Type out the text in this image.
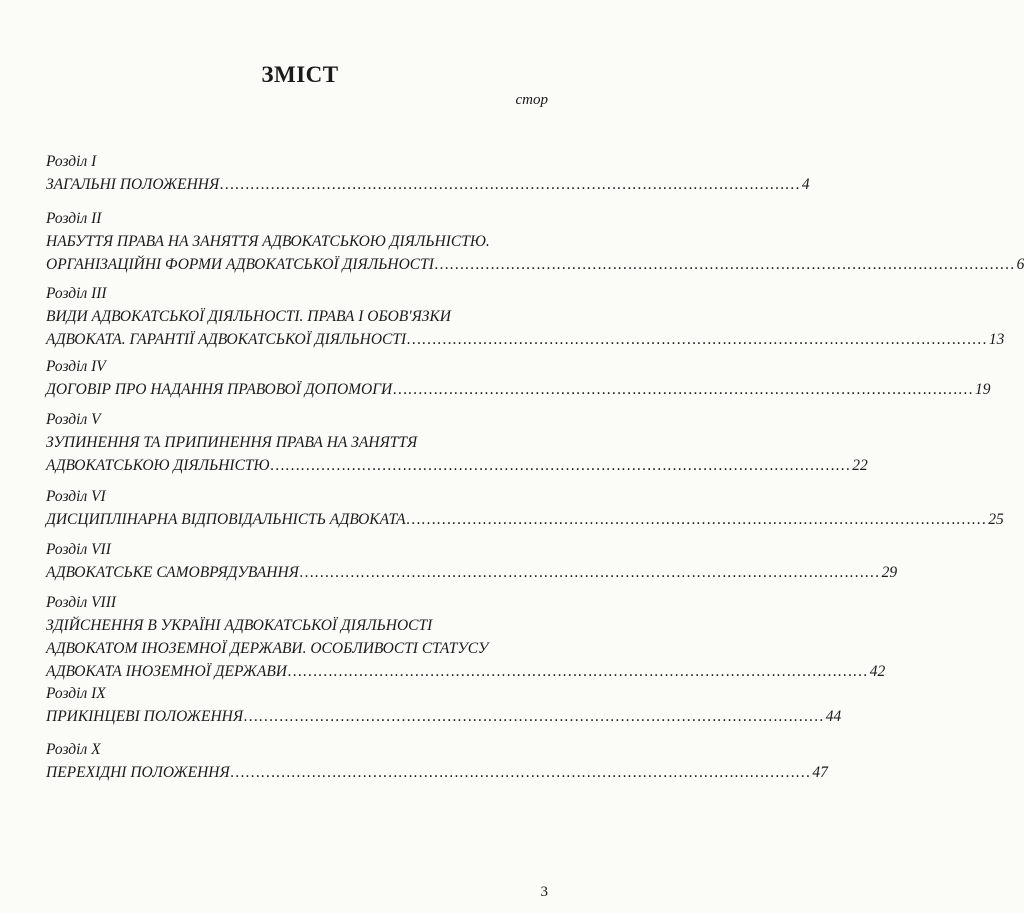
ЗМІСТ
стор
Розділ I
ЗАГАЛЬНІ ПОЛОЖЕННЯ …………………………………………………………………………………………………… 4
Розділ II
НАБУТТЯ ПРАВА НА ЗАНЯТТЯ АДВОКАТСЬКОЮ ДІЯЛЬНІСТЮ.
ОРГАНІЗАЦІЙНІ ФОРМИ АДВОКАТСЬКОЇ ДІЯЛЬНОСТІ …………………………………………………………………………………………………… 6
Розділ III
ВИДИ АДВОКАТСЬКОЇ ДІЯЛЬНОСТІ. ПРАВА І ОБОВ'ЯЗКИ
АДВОКАТА. ГАРАНТІЇ АДВОКАТСЬКОЇ ДІЯЛЬНОСТІ …………………………………………………………………………………………………… 13
Розділ IV
ДОГОВІР ПРО НАДАННЯ ПРАВОВОЇ ДОПОМОГИ …………………………………………………………………………………………………… 19
Розділ V
ЗУПИНЕННЯ ТА ПРИПИНЕННЯ ПРАВА НА ЗАНЯТТЯ
АДВОКАТСЬКОЮ ДІЯЛЬНІСТЮ …………………………………………………………………………………………………… 22
Розділ VI
ДИСЦИПЛІНАРНА ВІДПОВІДАЛЬНІСТЬ АДВОКАТА …………………………………………………………………………………………………… 25
Розділ VII
АДВОКАТСЬКЕ САМОВРЯДУВАННЯ …………………………………………………………………………………………………… 29
Розділ VIII
ЗДІЙСНЕННЯ В УКРАЇНІ АДВОКАТСЬКОЇ ДІЯЛЬНОСТІ
АДВОКАТОМ ІНОЗЕМНОЇ ДЕРЖАВИ. ОСОБЛИВОСТІ СТАТУСУ
АДВОКАТА ІНОЗЕМНОЇ ДЕРЖАВИ …………………………………………………………………………………………………… 42
Розділ IX
ПРИКІНЦЕВІ ПОЛОЖЕННЯ …………………………………………………………………………………………………… 44
Розділ X
ПЕРЕХІДНІ ПОЛОЖЕННЯ …………………………………………………………………………………………………… 47
3
